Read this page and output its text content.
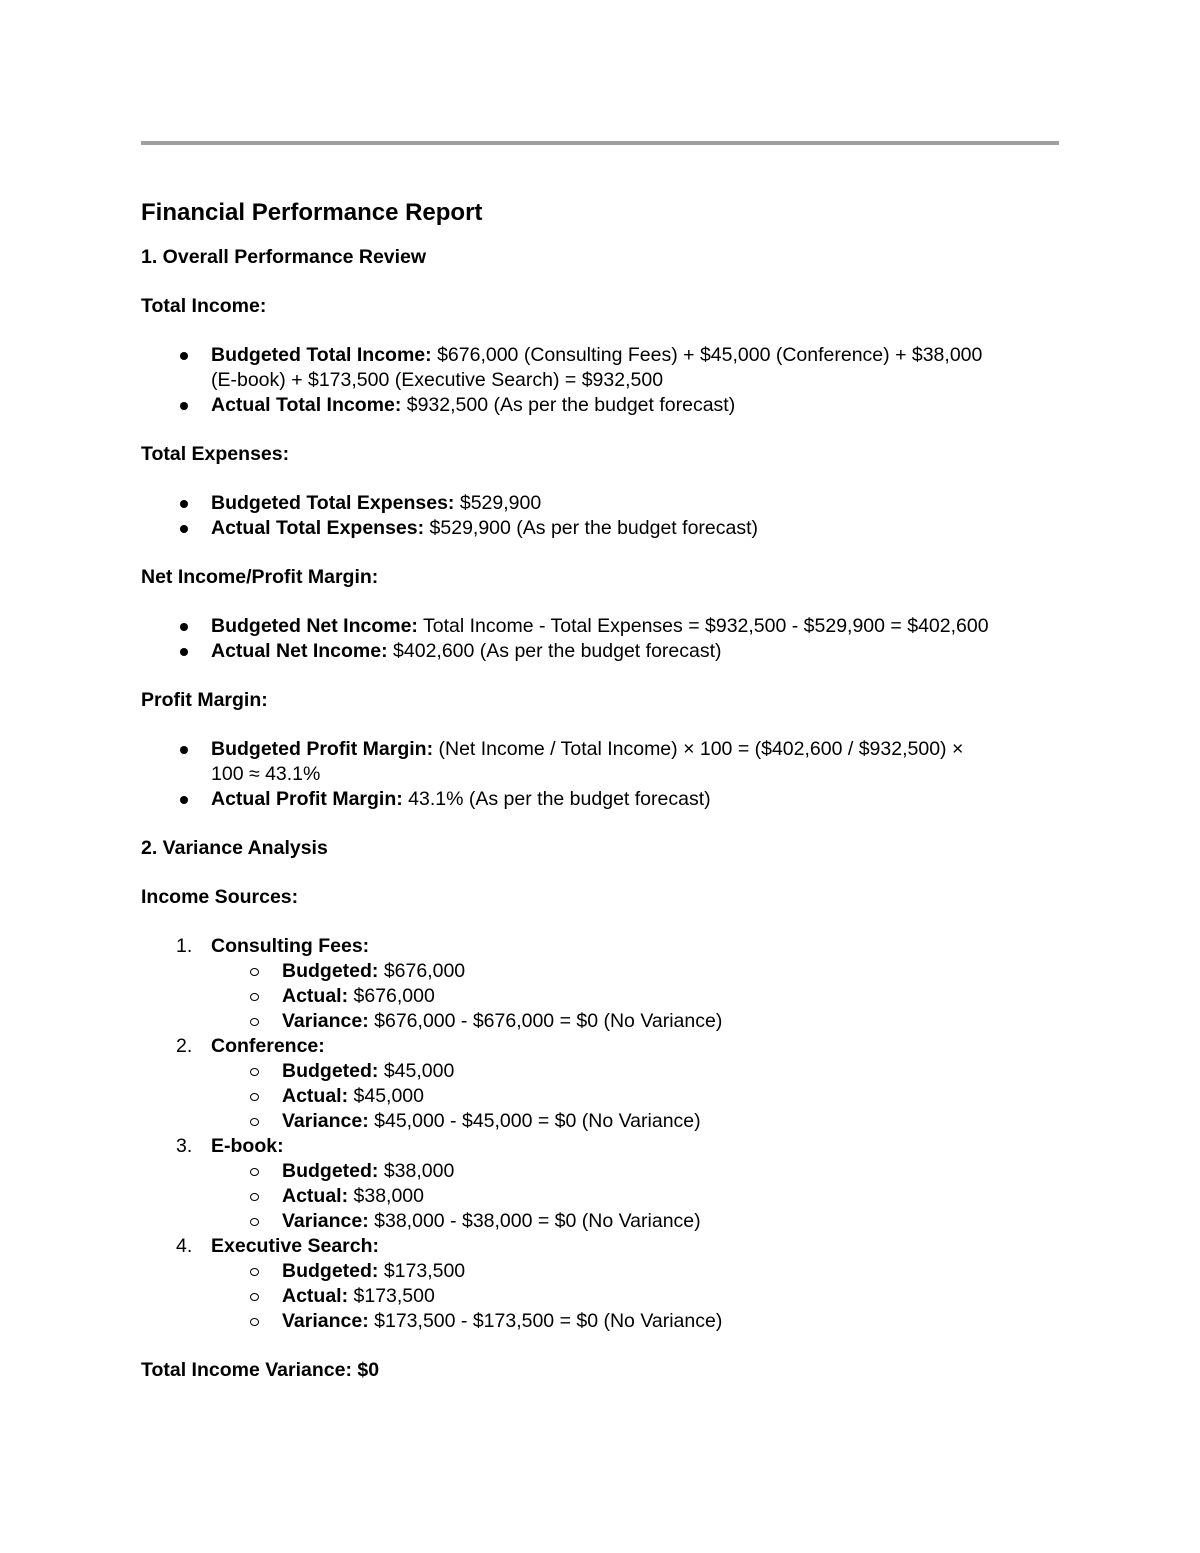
Financial Performance Report
1. Overall Performance Review
Total Income:
Budgeted Total Income: $676,000 (Consulting Fees) + $45,000 (Conference) + $38,000 (E-book) + $173,500 (Executive Search) = $932,500
Actual Total Income: $932,500 (As per the budget forecast)
Total Expenses:
Budgeted Total Expenses: $529,900
Actual Total Expenses: $529,900 (As per the budget forecast)
Net Income/Profit Margin:
Budgeted Net Income: Total Income - Total Expenses = $932,500 - $529,900 = $402,600
Actual Net Income: $402,600 (As per the budget forecast)
Profit Margin:
Budgeted Profit Margin: (Net Income / Total Income) × 100 = ($402,600 / $932,500) × 100 ≈ 43.1%
Actual Profit Margin: 43.1% (As per the budget forecast)
2. Variance Analysis
Income Sources:
1. Consulting Fees:
Budgeted: $676,000
Actual: $676,000
Variance: $676,000 - $676,000 = $0 (No Variance)
2. Conference:
Budgeted: $45,000
Actual: $45,000
Variance: $45,000 - $45,000 = $0 (No Variance)
3. E-book:
Budgeted: $38,000
Actual: $38,000
Variance: $38,000 - $38,000 = $0 (No Variance)
4. Executive Search:
Budgeted: $173,500
Actual: $173,500
Variance: $173,500 - $173,500 = $0 (No Variance)
Total Income Variance: $0
